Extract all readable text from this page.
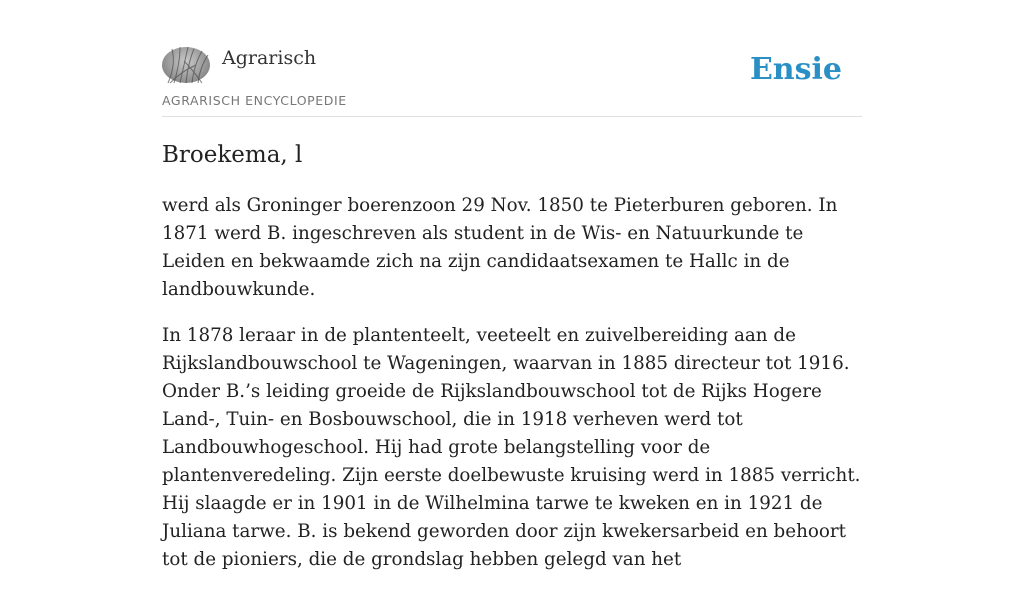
Agrarisch
AGRARISCH ENCYCLOPEDIE
Ensie
Broekema, l

werd als Groninger boerenzoon 29 Nov. 1850 te Pieterburen geboren. In 1871 werd B. ingeschreven als student in de Wis- en Natuurkunde te Leiden en bekwaamde zich na zijn candidaatsexamen te Hallc in de landbouwkunde.

In 1878 leraar in de plantenteelt, veeteelt en zuivelbereiding aan de Rijkslandbouwschool te Wageningen, waarvan in 1885 directeur tot 1916. Onder B.’s leiding groeide de Rijkslandbouwschool tot de Rijks Hogere Land-, Tuin- en Bosbouwschool, die in 1918 verheven werd tot Landbouwhogeschool. Hij had grote belangstelling voor de plantenveredeling. Zijn eerste doelbewuste kruising werd in 1885 verricht. Hij slaagde er in 1901 in de Wilhelmina tarwe te kweken en in 1921 de Juliana tarwe. B. is bekend geworden door zijn kwekersarbeid en behoort tot de pioniers, die de grondslag hebben gelegd van het
